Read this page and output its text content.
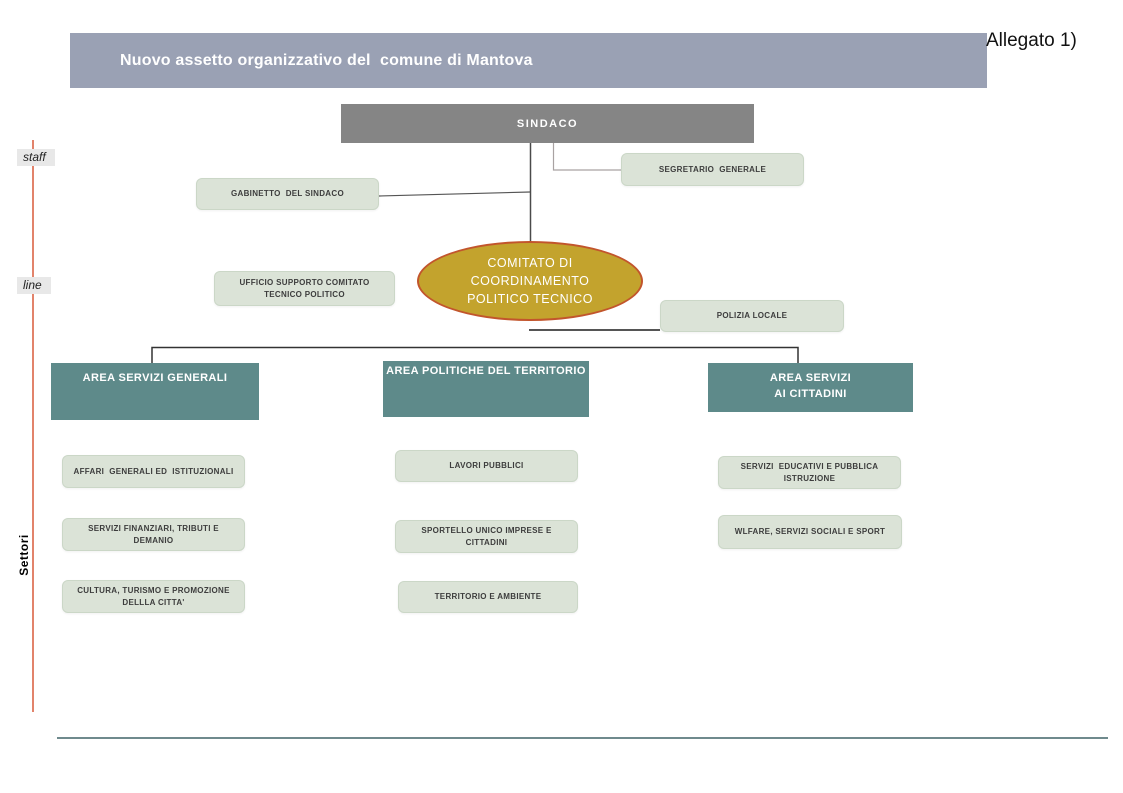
Nuovo assetto organizzativo del  comune di Mantova
Allegato 1)
SINDACO
staff
line
Settori
GABINETTO  DEL SINDACO
SEGRETARIO  GENERALE
UFFICIO SUPPORTO COMITATO TECNICO POLITICO
POLIZIA LOCALE
COMITATO DI
COORDINAMENTO
POLITICO TECNICO
AREA SERVIZI GENERALI
AREA POLITICHE DEL TERRITORIO
AREA SERVIZI
AI CITTADINI
AFFARI  GENERALI ED  ISTITUZIONALI
SERVIZI FINANZIARI, TRIBUTI E DEMANIO
CULTURA, TURISMO E PROMOZIONE DELLLA CITTA'
LAVORI PUBBLICI
SPORTELLO UNICO IMPRESE E CITTADINI
TERRITORIO E AMBIENTE
SERVIZI  EDUCATIVI E PUBBLICA ISTRUZIONE
WLFARE, SERVIZI SOCIALI E SPORT
